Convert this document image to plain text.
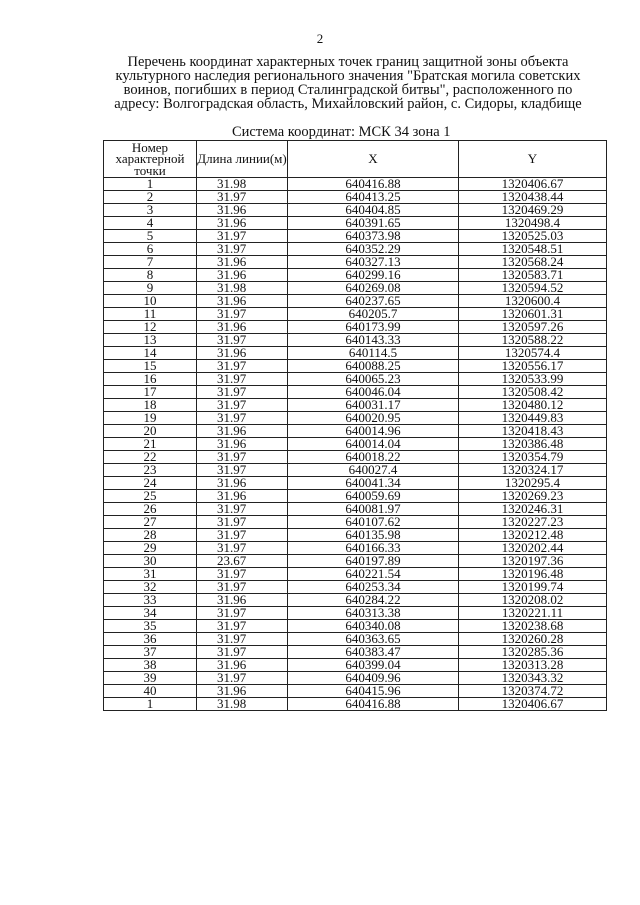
2
Перечень координат характерных точек границ защитной зоны объекта
культурного наследия регионального значения "Братская могила советских
воинов, погибших в период Сталинградской битвы", расположенного по
адресу: Волгоградская область, Михайловский район, с. Сидоры, кладбище
Система координат: МСК 34 зона 1
Номер характерной точки	Длина линии(м)	X	Y
1	31.98	640416.88	1320406.67
2	31.97	640413.25	1320438.44
3	31.96	640404.85	1320469.29
4	31.96	640391.65	1320498.4
5	31.97	640373.98	1320525.03
6	31.97	640352.29	1320548.51
7	31.96	640327.13	1320568.24
8	31.96	640299.16	1320583.71
9	31.98	640269.08	1320594.52
10	31.96	640237.65	1320600.4
11	31.97	640205.7	1320601.31
12	31.96	640173.99	1320597.26
13	31.97	640143.33	1320588.22
14	31.96	640114.5	1320574.4
15	31.97	640088.25	1320556.17
16	31.97	640065.23	1320533.99
17	31.97	640046.04	1320508.42
18	31.97	640031.17	1320480.12
19	31.97	640020.95	1320449.83
20	31.96	640014.96	1320418.43
21	31.96	640014.04	1320386.48
22	31.97	640018.22	1320354.79
23	31.97	640027.4	1320324.17
24	31.96	640041.34	1320295.4
25	31.96	640059.69	1320269.23
26	31.97	640081.97	1320246.31
27	31.97	640107.62	1320227.23
28	31.97	640135.98	1320212.48
29	31.97	640166.33	1320202.44
30	23.67	640197.89	1320197.36
31	31.97	640221.54	1320196.48
32	31.97	640253.34	1320199.74
33	31.96	640284.22	1320208.02
34	31.97	640313.38	1320221.11
35	31.97	640340.08	1320238.68
36	31.97	640363.65	1320260.28
37	31.97	640383.47	1320285.36
38	31.96	640399.04	1320313.28
39	31.97	640409.96	1320343.32
40	31.96	640415.96	1320374.72
1	31.98	640416.88	1320406.67
